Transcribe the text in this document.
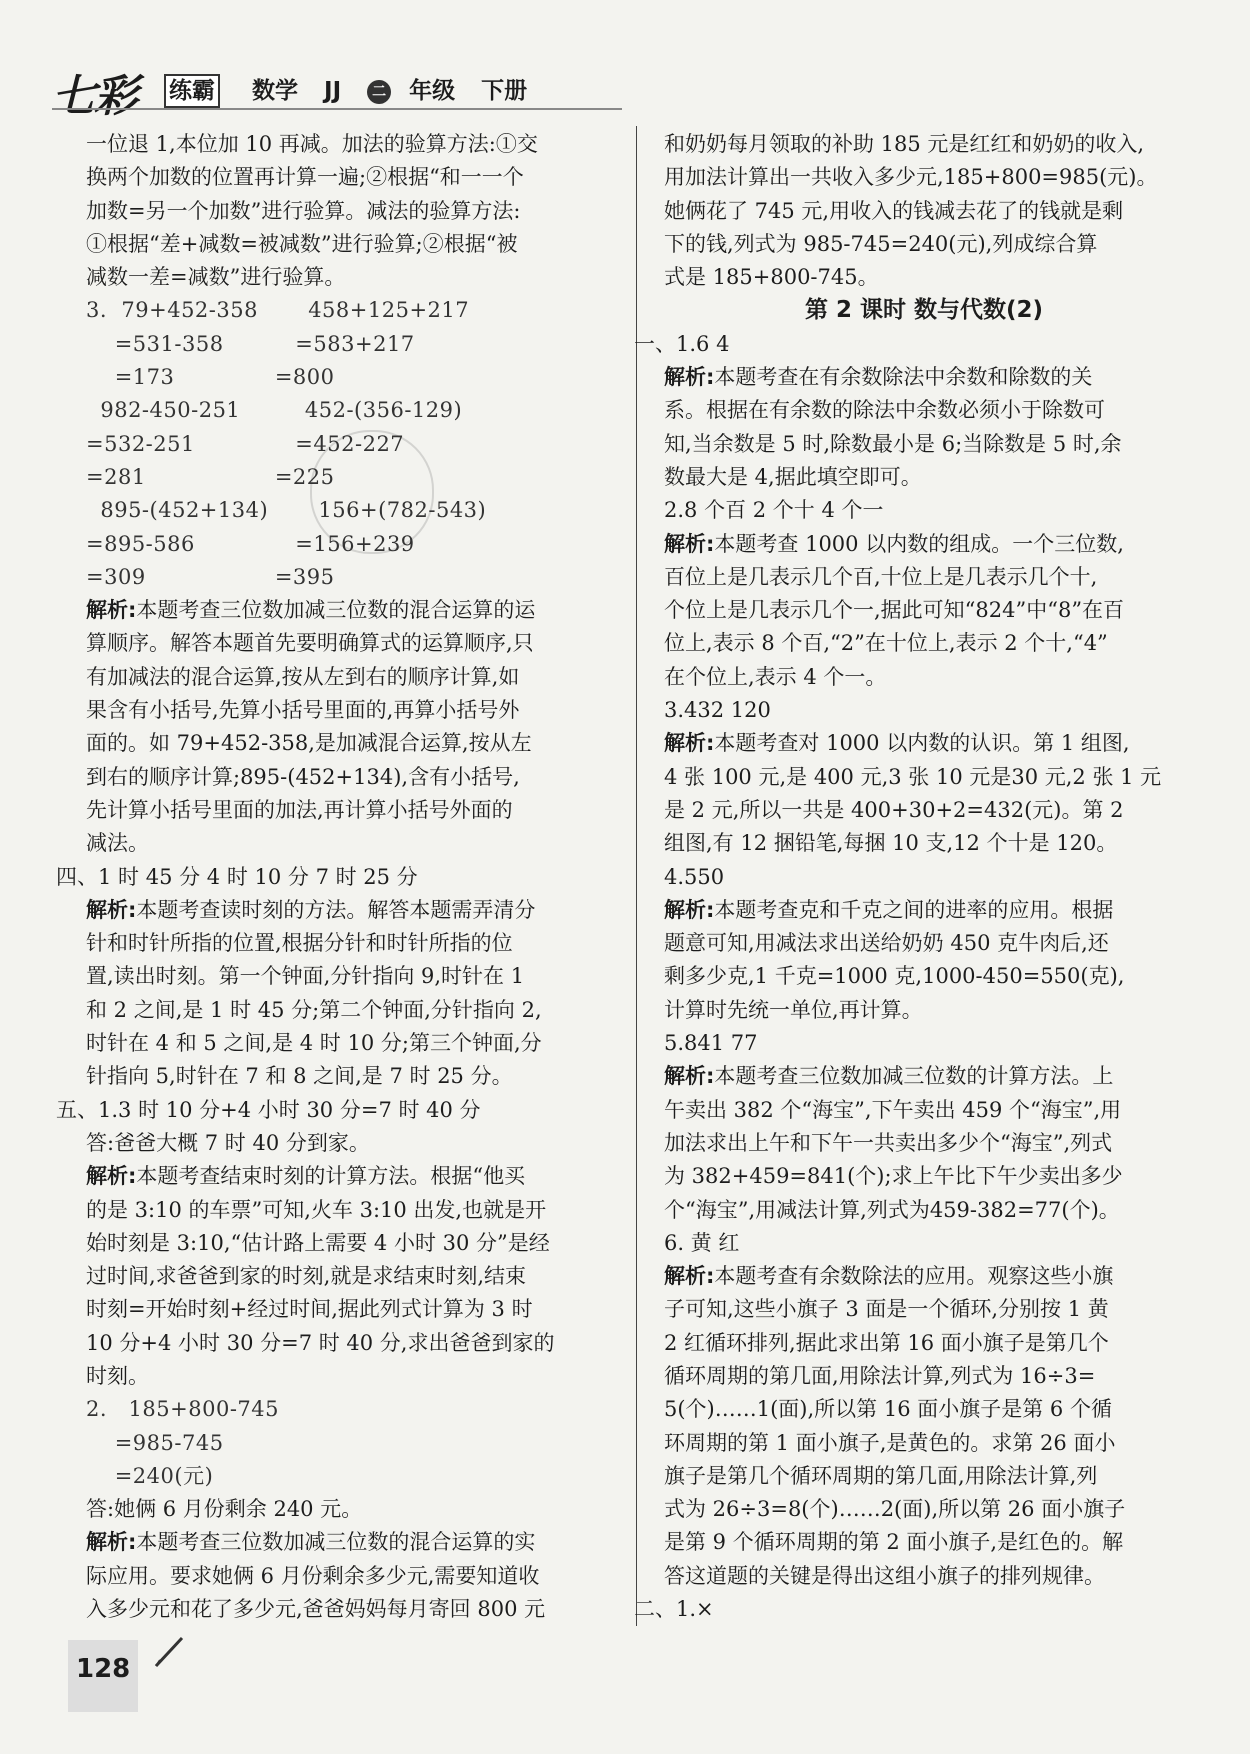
七彩 练霸 数学 JJ 二 年级 下册
一位退 1,本位加 10 再减。加法的验算方法:①交
换两个加数的位置再计算一遍;②根据“和一一个
加数=另一个加数”进行验算。减法的验算方法:
①根据“差+减数=被减数”进行验算;②根据“被
减数一差=减数”进行验算。
3.  79+452-358       458+125+217
=531-358          =583+217
=173              =800
982-450-251         452-(356-129)
=532-251              =452-227
=281                  =225
895-(452+134)       156+(782-543)
=895-586              =156+239
=309                  =395
解析:本题考查三位数加减三位数的混合运算的运
算顺序。解答本题首先要明确算式的运算顺序,只
有加减法的混合运算,按从左到右的顺序计算,如
果含有小括号,先算小括号里面的,再算小括号外
面的。如 79+452-358,是加减混合运算,按从左
到右的顺序计算;895-(452+134),含有小括号,
先计算小括号里面的加法,再计算小括号外面的
减法。
四、1 时 45 分 4 时 10 分 7 时 25 分
解析:本题考查读时刻的方法。解答本题需弄清分
针和时针所指的位置,根据分针和时针所指的位
置,读出时刻。第一个钟面,分针指向 9,时针在 1
和 2 之间,是 1 时 45 分;第二个钟面,分针指向 2,
时针在 4 和 5 之间,是 4 时 10 分;第三个钟面,分
针指向 5,时针在 7 和 8 之间,是 7 时 25 分。
五、1.3 时 10 分+4 小时 30 分=7 时 40 分
答:爸爸大概 7 时 40 分到家。
解析:本题考查结束时刻的计算方法。根据“他买
的是 3:10 的车票”可知,火车 3:10 出发,也就是开
始时刻是 3:10,“估计路上需要 4 小时 30 分”是经
过时间,求爸爸到家的时刻,就是求结束时刻,结束
时刻=开始时刻+经过时间,据此列式计算为 3 时
10 分+4 小时 30 分=7 时 40 分,求出爸爸到家的
时刻。
2.   185+800-745
=985-745
=240(元)
答:她俩 6 月份剩余 240 元。
解析:本题考查三位数加减三位数的混合运算的实
际应用。要求她俩 6 月份剩余多少元,需要知道收
入多少元和花了多少元,爸爸妈妈每月寄回 800 元
和奶奶每月领取的补助 185 元是红红和奶奶的收入,
用加法计算出一共收入多少元,185+800=985(元)。
她俩花了 745 元,用收入的钱减去花了的钱就是剩
下的钱,列式为 985-745=240(元),列成综合算
式是 185+800-745。
第 2 课时 数与代数(2)
一、1.6 4
解析:本题考查在有余数除法中余数和除数的关
系。根据在有余数的除法中余数必须小于除数可
知,当余数是 5 时,除数最小是 6;当除数是 5 时,余
数最大是 4,据此填空即可。
2.8 个百 2 个十 4 个一
解析:本题考查 1000 以内数的组成。一个三位数,
百位上是几表示几个百,十位上是几表示几个十,
个位上是几表示几个一,据此可知“824”中“8”在百
位上,表示 8 个百,“2”在十位上,表示 2 个十,“4”
在个位上,表示 4 个一。
3.432 120
解析:本题考查对 1000 以内数的认识。第 1 组图,
4 张 100 元,是 400 元,3 张 10 元是30 元,2 张 1 元
是 2 元,所以一共是 400+30+2=432(元)。第 2
组图,有 12 捆铅笔,每捆 10 支,12 个十是 120。
4.550
解析:本题考查克和千克之间的进率的应用。根据
题意可知,用减法求出送给奶奶 450 克牛肉后,还
剩多少克,1 千克=1000 克,1000-450=550(克),
计算时先统一单位,再计算。
5.841 77
解析:本题考查三位数加减三位数的计算方法。上
午卖出 382 个“海宝”,下午卖出 459 个“海宝”,用
加法求出上午和下午一共卖出多少个“海宝”,列式
为 382+459=841(个);求上午比下午少卖出多少
个“海宝”,用减法计算,列式为459-382=77(个)。
6. 黄 红
解析:本题考查有余数除法的应用。观察这些小旗
子可知,这些小旗子 3 面是一个循环,分别按 1 黄
2 红循环排列,据此求出第 16 面小旗子是第几个
循环周期的第几面,用除法计算,列式为 16÷3=
5(个)……1(面),所以第 16 面小旗子是第 6 个循
环周期的第 1 面小旗子,是黄色的。求第 26 面小
旗子是第几个循环周期的第几面,用除法计算,列
式为 26÷3=8(个)……2(面),所以第 26 面小旗子
是第 9 个循环周期的第 2 面小旗子,是红色的。解
答这道题的关键是得出这组小旗子的排列规律。
二、1.×
128
